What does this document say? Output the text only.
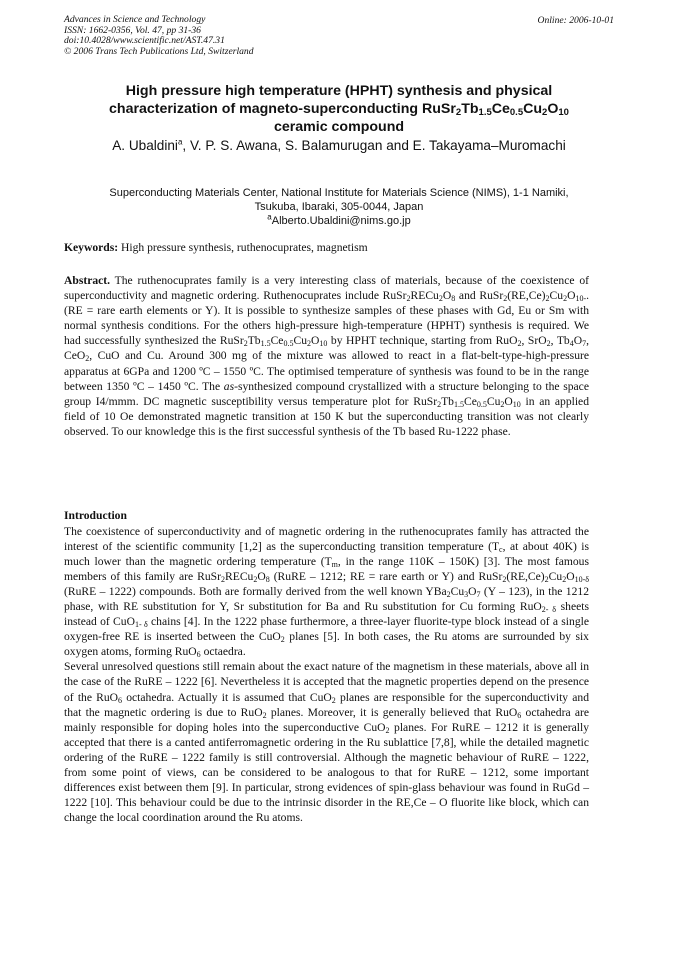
Advances in Science and Technology
ISSN: 1662-0356, Vol. 47, pp 31-36
doi:10.4028/www.scientific.net/AST.47.31
© 2006 Trans Tech Publications Ltd, Switzerland
Online: 2006-10-01
High pressure high temperature (HPHT) synthesis and physical
characterization of magneto-superconducting $RuSr_2Tb_{1.5}Ce_{0.5}Cu_2O_{10}$
ceramic compound
A. Ubaldini$^a$, V. P. S. Awana, S. Balamurugan and E. Takayama–Muromachi
Superconducting Materials Center, National Institute for Materials Science (NIMS), 1-1 Namiki,
Tsukuba, Ibaraki, 305-0044, Japan
$^a$Alberto.Ubaldini@nims.go.jp
Keywords: High pressure synthesis, ruthenocuprates, magnetism
Abstract. The ruthenocuprates family is a very interesting class of materials, because of the coexistence of superconductivity and magnetic ordering. Ruthenocuprates include $RuSr_2RECu_2O_8$ and $RuSr_2(RE,Ce)_2Cu_2O_{10-}$. (RE = rare earth elements or Y). It is possible to synthesize samples of these phases with Gd, Eu or Sm with normal synthesis conditions. For the others high-pressure high-temperature (HPHT) synthesis is required. We had successfully synthesized the $RuSr_2Tb_{1.5}Ce_{0.5}Cu_2O_{10}$ by HPHT technique, starting from RuO$_2$, SrO$_2$, $Tb_4O_7$, CeO$_2$, CuO and Cu. Around 300 mg of the mixture was allowed to react in a flat-belt-type-high-pressure apparatus at 6GPa and 1200 ºC – 1550 ºC. The optimised temperature of synthesis was found to be in the range between 1350 ºC – 1450 ºC. The as-synthesized compound crystallized with a structure belonging to the space group I4/mmm. DC magnetic susceptibility versus temperature plot for $RuSr_2Tb_{1.5}Ce_{0.5}Cu_2O_{10}$ in an applied field of 10 Oe demonstrated magnetic transition at 150 K but the superconducting transition was not clearly observed. To our knowledge this is the first successful synthesis of the Tb based Ru-1222 phase.
Introduction

The coexistence of superconductivity and of magnetic ordering in the ruthenocuprates family has attracted the interest of the scientific community [1,2] as the superconducting transition temperature ($T_c$, at about 40K) is much lower than the magnetic ordering temperature ($T_m$, in the range 110K – 150K) [3]. The most famous members of this family are $RuSr_2RECu_2O_8$ (RuRE – 1212; RE = rare earth or Y) and $RuSr_2(RE,Ce)_2Cu_2O_{10-\delta}$ (RuRE – 1222) compounds. Both are formally derived from the well known $YBa_2Cu_3O_7$ (Y – 123), in the 1212 phase, with RE substitution for Y, Sr substitution for Ba and Ru substitution for Cu forming RuO$_{2- \delta}$ sheets instead of CuO$_{1- \delta}$ chains [4]. In the 1222 phase furthermore, a three-layer fluorite-type block instead of a single oxygen-free RE is inserted between the CuO$_2$ planes [5]. In both cases, the Ru atoms are surrounded by six oxygen atoms, forming RuO$_6$ octaedra.

Several unresolved questions still remain about the exact nature of the magnetism in these materials, above all in the case of the RuRE – 1222 [6]. Nevertheless it is accepted that the magnetic properties depend on the presence of the RuO$_6$ octahedra. Actually it is assumed that CuO$_2$ planes are responsible for the superconductivity and that the magnetic ordering is due to RuO$_2$ planes. Moreover, it is generally believed that RuO$_6$ octahedra are mainly responsible for doping holes into the superconductive CuO$_2$ planes. For RuRE – 1212 it is generally accepted that there is a canted antiferromagnetic ordering in the Ru sublattice [7,8], while the detailed magnetic ordering of the RuRE – 1222 family is still controversial. Although the magnetic behaviour of RuRE – 1222, from some point of views, can be considered to be analogous to that for RuRE – 1212, some important differences exist between them [9]. In particular, strong evidences of spin-glass behaviour was found in RuGd – 1222 [10]. This behaviour could be due to the intrinsic disorder in the RE,Ce – O fluorite like block, which can change the local coordination around the Ru atoms.
